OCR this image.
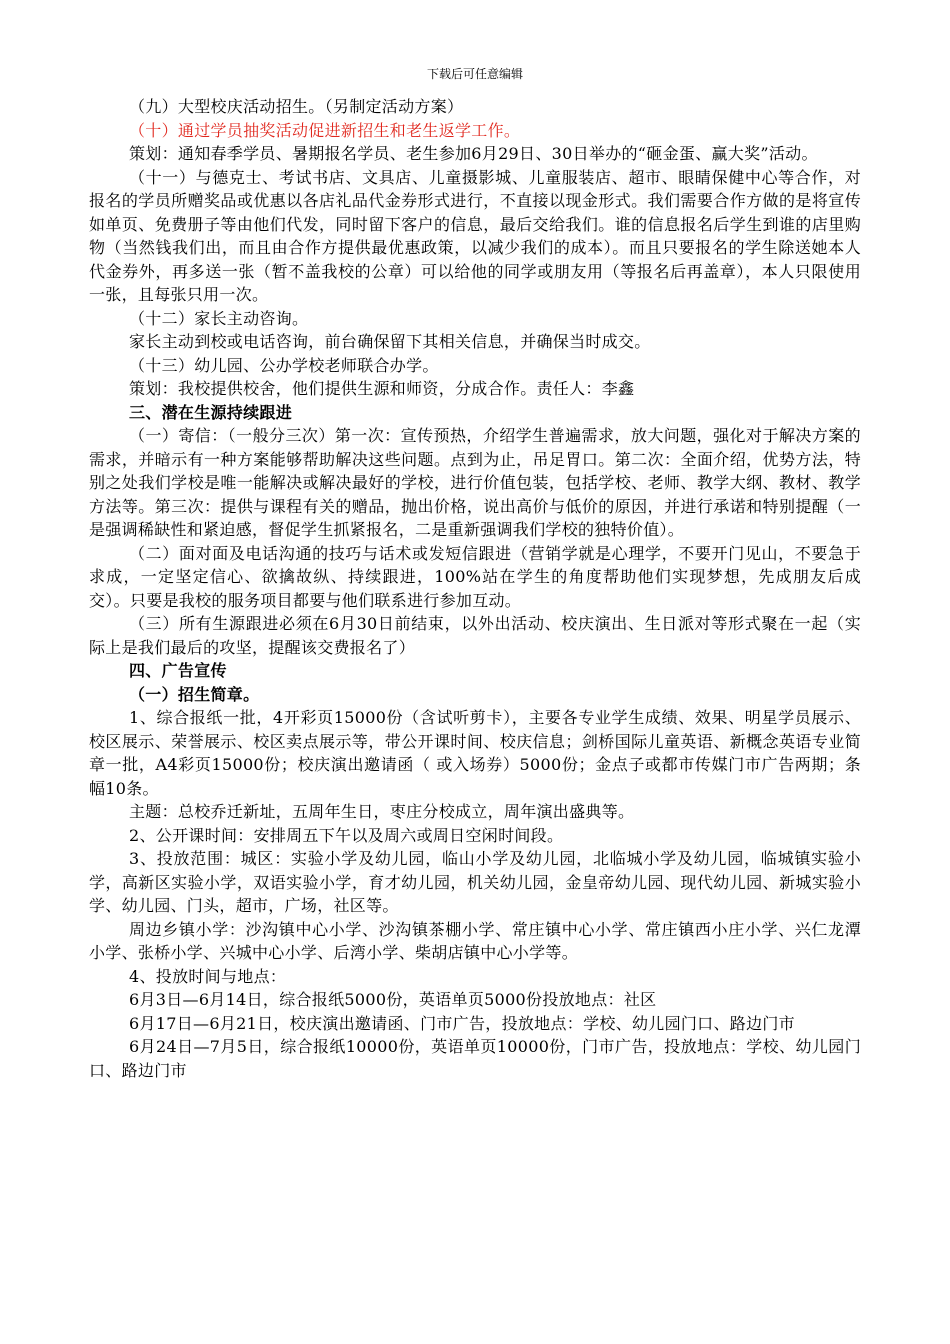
下载后可任意编辑

（九）大型校庆活动招生。（另制定活动方案）

（十）通过学员抽奖活动促进新招生和老生返学工作。

策划：通知春季学员、暑期报名学员、老生参加6月29日、30日举办的“砸金蛋、赢大奖”活动。

（十一）与德克士、考试书店、文具店、儿童摄影城、儿童服装店、超市、眼睛保健中心等合作，对报名的学员所赠奖品或优惠以各店礼品代金券形式进行，不直接以现金形式。我们需要合作方做的是将宣传如单页、免费册子等由他们代发，同时留下客户的信息，最后交给我们。谁的信息报名后学生到谁的店里购物（当然钱我们出，而且由合作方提供最优惠政策，以减少我们的成本）。而且只要报名的学生除送她本人代金券外，再多送一张（暂不盖我校的公章）可以给他的同学或朋友用（等报名后再盖章），本人只限使用一张，且每张只用一次。

（十二）家长主动咨询。

家长主动到校或电话咨询，前台确保留下其相关信息，并确保当时成交。

（十三）幼儿园、公办学校老师联合办学。

策划：我校提供校舍，他们提供生源和师资，分成合作。责任人：李鑫

三、潜在生源持续跟进

（一）寄信：（一般分三次）第一次：宣传预热，介绍学生普遍需求，放大问题，强化对于解决方案的需求，并暗示有一种方案能够帮助解决这些问题。点到为止，吊足胃口。第二次：全面介绍，优势方法，特别之处我们学校是唯一能解决或解决最好的学校，进行价值包装，包括学校、老师、教学大纲、教材、教学方法等。第三次：提供与课程有关的赠品，抛出价格，说出高价与低价的原因，并进行承诺和特别提醒（一是强调稀缺性和紧迫感，督促学生抓紧报名，二是重新强调我们学校的独特价值）。

（二）面对面及电话沟通的技巧与话术或发短信跟进（营销学就是心理学，不要开门见山，不要急于求成，一定坚定信心、欲擒故纵、持续跟进，100%站在学生的角度帮助他们实现梦想，先成朋友后成交）。只要是我校的服务项目都要与他们联系进行参加互动。

（三）所有生源跟进必须在6月30日前结束，以外出活动、校庆演出、生日派对等形式聚在一起（实际上是我们最后的攻坚，提醒该交费报名了）

四、广告宣传

（一）招生简章。

1、综合报纸一批，4开彩页15000份（含试听剪卡），主要各专业学生成绩、效果、明星学员展示、校区展示、荣誉展示、校区卖点展示等，带公开课时间、校庆信息；剑桥国际儿童英语、新概念英语专业简章一批，A4彩页15000份；校庆演出邀请函（ 或入场券）5000份；金点子或都市传媒门市广告两期；条幅10条。

主题：总校乔迁新址，五周年生日，枣庄分校成立，周年演出盛典等。

2、公开课时间：安排周五下午以及周六或周日空闲时间段。

3、投放范围：城区：实验小学及幼儿园，临山小学及幼儿园，北临城小学及幼儿园，临城镇实验小学，高新区实验小学，双语实验小学，育才幼儿园，机关幼儿园，金皇帝幼儿园、现代幼儿园、新城实验小学、幼儿园、门头，超市，广场，社区等。

周边乡镇小学：沙沟镇中心小学、沙沟镇茶棚小学、常庄镇中心小学、常庄镇西小庄小学、兴仁龙潭小学、张桥小学、兴城中心小学、后湾小学、柴胡店镇中心小学等。

4、投放时间与地点：

6月3日—6月14日，综合报纸5000份，英语单页5000份投放地点：社区

6月17日—6月21日，校庆演出邀请函、门市广告，投放地点：学校、幼儿园门口、路边门市

6月24日—7月5日，综合报纸10000份，英语单页10000份，门市广告，投放地点：学校、幼儿园门口、路边门市
